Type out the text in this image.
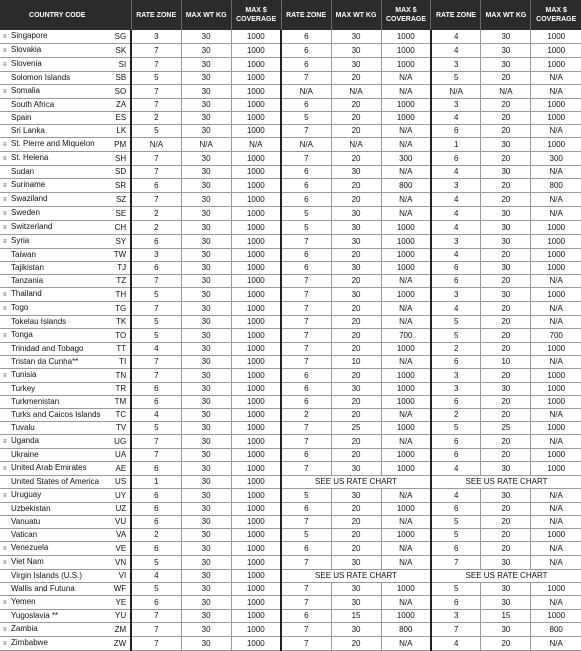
COUNTRY CODE		RATE ZONE	MAX WT KG	MAX $ COVERAGE	RATE ZONE	MAX WT KG	MAX $ COVERAGE	RATE ZONE	MAX WT KG	MAX $ COVERAGE
≡ Singapore	SG	3	30	1000	6	30	1000	4	30	1000
≡ Slovakia	SK	7	30	1000	6	30	1000	4	30	1000
≡ Slovenia	SI	7	30	1000	6	30	1000	3	30	1000
Solomon Islands	SB	5	30	1000	7	20	N/A	5	20	N/A
≡ Somalia	SO	7	30	1000	N/A	N/A	N/A	N/A	N/A	N/A
South Africa	ZA	7	30	1000	6	20	1000	3	20	1000
Spain	ES	2	30	1000	5	20	1000	4	20	1000
Sri Lanka	LK	5	30	1000	7	20	N/A	6	20	N/A
≡ St. Pierre and Miquelon	PM	N/A	N/A	N/A	N/A	N/A	N/A	1	30	1000
≡ St. Helena	SH	7	30	1000	7	20	300	6	20	300
Sudan	SD	7	30	1000	6	30	N/A	4	30	N/A
≡ Suriname	SR	6	30	1000	6	20	800	3	20	800
≡ Swaziland	SZ	7	30	1000	6	20	N/A	4	20	N/A
≡ Sweden	SE	2	30	1000	5	30	N/A	4	30	N/A
≡ Switzerland	CH	2	30	1000	5	30	1000	4	30	1000
≡ Syria	SY	6	30	1000	7	30	1000	3	30	1000
Taiwan	TW	3	30	1000	6	20	1000	4	20	1000
Tajikistan	TJ	6	30	1000	6	30	1000	6	30	1000
Tanzania	TZ	7	30	1000	7	20	N/A	6	20	N/A
≡ Thailand	TH	5	30	1000	7	30	1000	3	30	1000
≡ Togo	TG	7	30	1000	7	20	N/A	4	20	N/A
Tokelau Islands	TK	5	30	1000	7	20	N/A	5	20	N/A
≡ Tonga	TO	5	30	1000	7	20	700	5	20	700
Trinidad and Tobago	TT	4	30	1000	7	20	1000	2	20	1000
Tristan da Cunha**	TI	7	30	1000	7	10	N/A	6	10	N/A
≡ Tunisia	TN	7	30	1000	6	20	1000	3	20	1000
Turkey	TR	6	30	1000	6	30	1000	3	30	1000
Turkmenistan	TM	6	30	1000	6	20	1000	6	20	1000
Turks and Caicos Islands	TC	4	30	1000	2	20	N/A	2	20	N/A
Tuvalu	TV	5	30	1000	7	25	1000	5	25	1000
≡ Uganda	UG	7	30	1000	7	20	N/A	6	20	N/A
Ukraine	UA	7	30	1000	6	20	1000	6	20	1000
≡ United Arab Emirates	AE	6	30	1000	7	30	1000	4	30	1000
United States of America	US	1	30	1000	SEE US RATE CHART			SEE US RATE CHART		
≡ Uruguay	UY	6	30	1000	5	30	N/A	4	30	N/A
Uzbekistan	UZ	6	30	1000	6	20	1000	6	20	N/A
Vanuatu	VU	6	30	1000	7	20	N/A	5	20	N/A
Vatican	VA	2	30	1000	5	20	1000	5	20	1000
≡ Venezuela	VE	6	30	1000	6	20	N/A	6	20	N/A
≡ Viet Nam	VN	5	30	1000	7	30	N/A	7	30	N/A
Virgin Islands (U.S.)	VI	4	30	1000	SEE US RATE CHART			SEE US RATE CHART		
Wallis and Futuna	WF	5	30	1000	7	30	1000	5	30	1000
≡ Yemen	YE	6	30	1000	7	30	N/A	6	30	N/A
Yugoslavia **	YU	7	30	1000	6	15	1000	3	15	1000
≡ Zambia	ZM	7	30	1000	7	30	800	7	30	800
≡ Zimbabwe	ZW	7	30	1000	7	20	N/A	4	20	N/A
